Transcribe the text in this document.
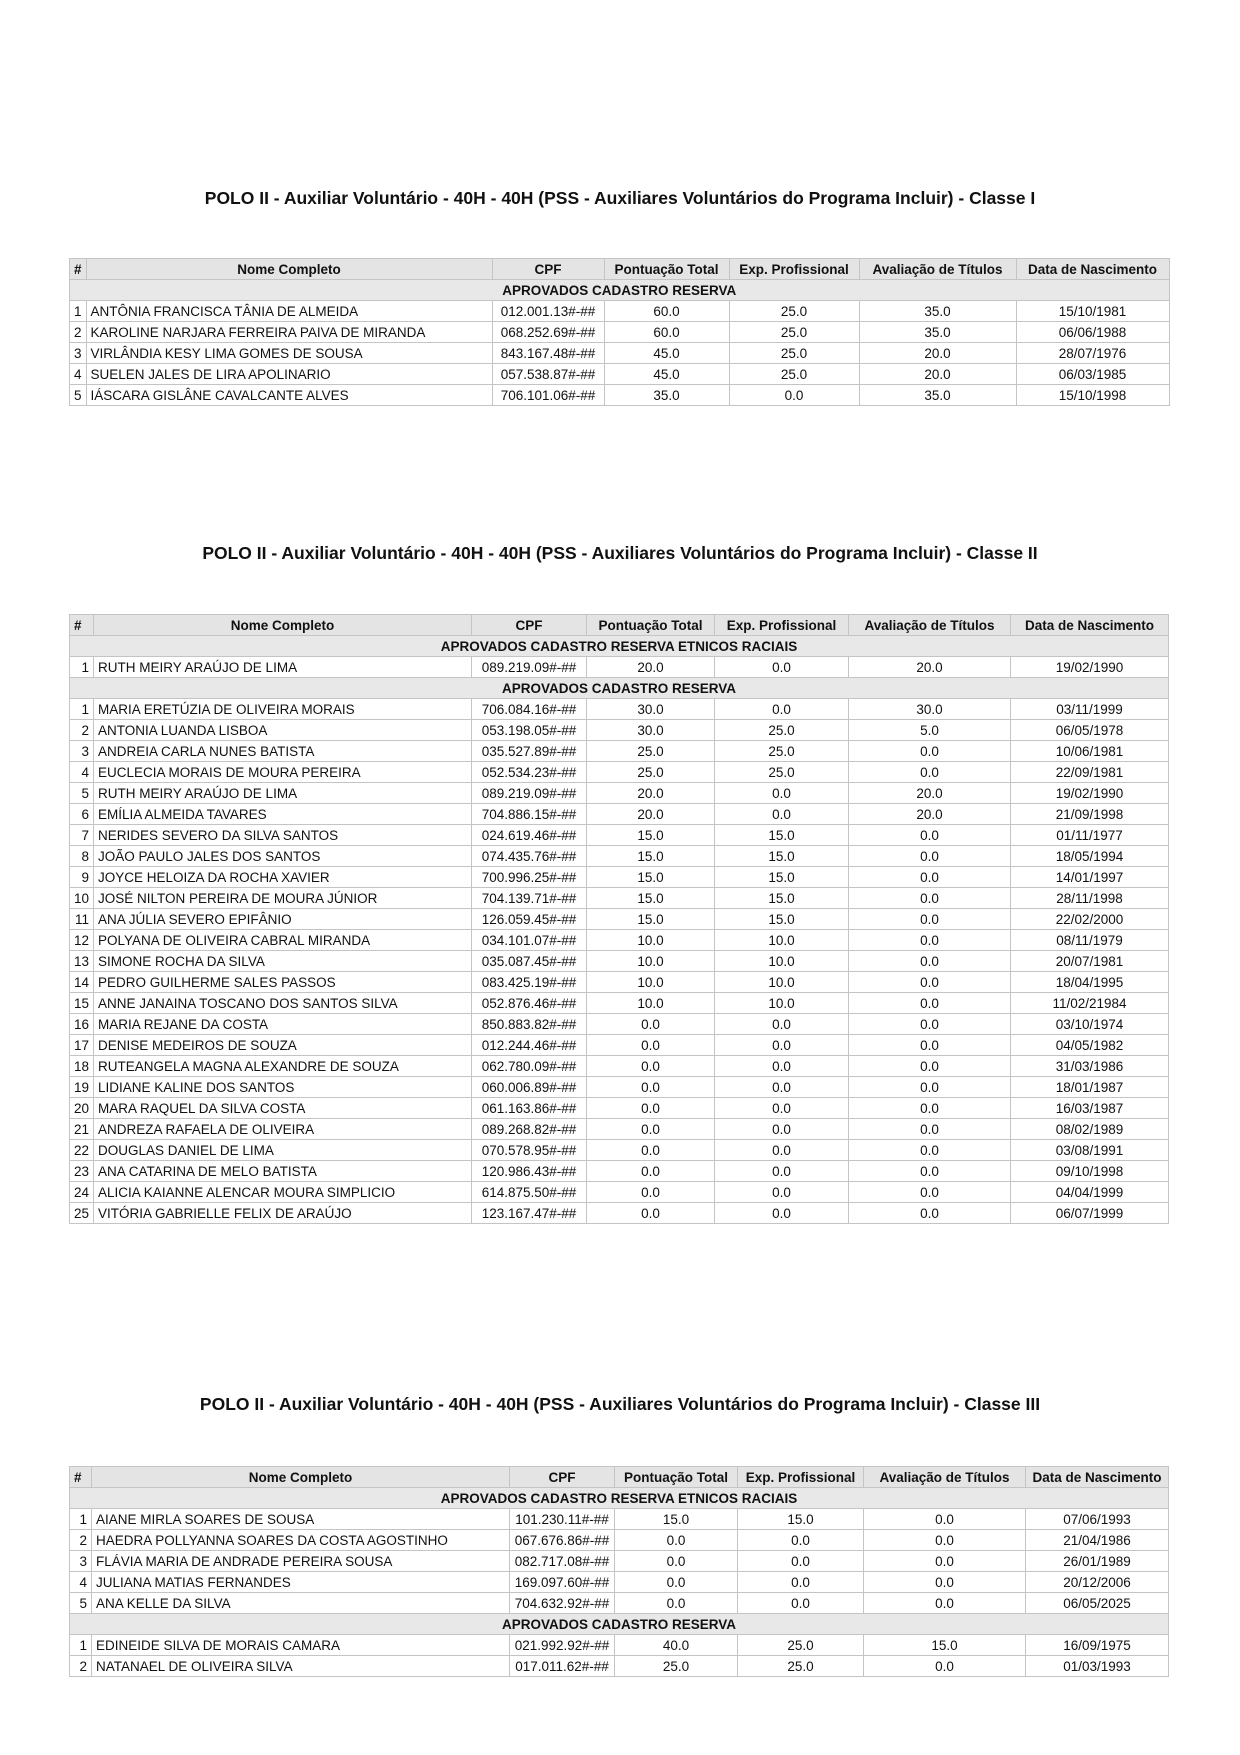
POLO II - Auxiliar Voluntário - 40H - 40H (PSS - Auxiliares Voluntários do Programa Incluir) - Classe I
#	Nome Completo	CPF	Pontuação Total	Exp. Profissional	Avaliação de Títulos	Data de Nascimento
APROVADOS CADASTRO RESERVA						
1	ANTÔNIA FRANCISCA TÂNIA DE ALMEIDA	012.001.13#-##	60.0	25.0	35.0	15/10/1981
2	KAROLINE NARJARA FERREIRA PAIVA DE MIRANDA	068.252.69#-##	60.0	25.0	35.0	06/06/1988
3	VIRLÂNDIA KESY LIMA GOMES DE SOUSA	843.167.48#-##	45.0	25.0	20.0	28/07/1976
4	SUELEN JALES DE LIRA APOLINARIO	057.538.87#-##	45.0	25.0	20.0	06/03/1985
5	IÁSCARA GISLÂNE CAVALCANTE ALVES	706.101.06#-##	35.0	0.0	35.0	15/10/1998
POLO II - Auxiliar Voluntário - 40H - 40H (PSS - Auxiliares Voluntários do Programa Incluir) - Classe II
#	Nome Completo	CPF	Pontuação Total	Exp. Profissional	Avaliação de Títulos	Data de Nascimento
APROVADOS CADASTRO RESERVA ETNICOS RACIAIS						
1	RUTH MEIRY ARAÚJO DE LIMA	089.219.09#-##	20.0	0.0	20.0	19/02/1990
APROVADOS CADASTRO RESERVA						
1	MARIA ERETÚZIA DE OLIVEIRA MORAIS	706.084.16#-##	30.0	0.0	30.0	03/11/1999
2	ANTONIA LUANDA LISBOA	053.198.05#-##	30.0	25.0	5.0	06/05/1978
3	ANDREIA CARLA NUNES BATISTA	035.527.89#-##	25.0	25.0	0.0	10/06/1981
4	EUCLECIA MORAIS DE MOURA PEREIRA	052.534.23#-##	25.0	25.0	0.0	22/09/1981
5	RUTH MEIRY ARAÚJO DE LIMA	089.219.09#-##	20.0	0.0	20.0	19/02/1990
6	EMÍLIA ALMEIDA TAVARES	704.886.15#-##	20.0	0.0	20.0	21/09/1998
7	NERIDES SEVERO DA SILVA SANTOS	024.619.46#-##	15.0	15.0	0.0	01/11/1977
8	JOÃO PAULO JALES DOS SANTOS	074.435.76#-##	15.0	15.0	0.0	18/05/1994
9	JOYCE HELOIZA DA ROCHA XAVIER	700.996.25#-##	15.0	15.0	0.0	14/01/1997
10	JOSÉ NILTON PEREIRA DE MOURA JÚNIOR	704.139.71#-##	15.0	15.0	0.0	28/11/1998
11	ANA JÚLIA SEVERO EPIFÂNIO	126.059.45#-##	15.0	15.0	0.0	22/02/2000
12	POLYANA DE OLIVEIRA CABRAL MIRANDA	034.101.07#-##	10.0	10.0	0.0	08/11/1979
13	SIMONE ROCHA DA SILVA	035.087.45#-##	10.0	10.0	0.0	20/07/1981
14	PEDRO GUILHERME SALES PASSOS	083.425.19#-##	10.0	10.0	0.0	18/04/1995
15	ANNE JANAINA TOSCANO DOS SANTOS SILVA	052.876.46#-##	10.0	10.0	0.0	11/02/21984
16	MARIA REJANE DA COSTA	850.883.82#-##	0.0	0.0	0.0	03/10/1974
17	DENISE MEDEIROS DE SOUZA	012.244.46#-##	0.0	0.0	0.0	04/05/1982
18	RUTEANGELA MAGNA ALEXANDRE DE SOUZA	062.780.09#-##	0.0	0.0	0.0	31/03/1986
19	LIDIANE KALINE DOS SANTOS	060.006.89#-##	0.0	0.0	0.0	18/01/1987
20	MARA RAQUEL DA SILVA COSTA	061.163.86#-##	0.0	0.0	0.0	16/03/1987
21	ANDREZA RAFAELA DE OLIVEIRA	089.268.82#-##	0.0	0.0	0.0	08/02/1989
22	DOUGLAS DANIEL DE LIMA	070.578.95#-##	0.0	0.0	0.0	03/08/1991
23	ANA CATARINA DE MELO BATISTA	120.986.43#-##	0.0	0.0	0.0	09/10/1998
24	ALICIA KAIANNE ALENCAR MOURA SIMPLICIO	614.875.50#-##	0.0	0.0	0.0	04/04/1999
25	VITÓRIA GABRIELLE FELIX DE ARAÚJO	123.167.47#-##	0.0	0.0	0.0	06/07/1999
POLO II - Auxiliar Voluntário - 40H - 40H (PSS - Auxiliares Voluntários do Programa Incluir) - Classe III
#	Nome Completo	CPF	Pontuação Total	Exp. Profissional	Avaliação de Títulos	Data de Nascimento
APROVADOS CADASTRO RESERVA ETNICOS RACIAIS						
1	AIANE MIRLA SOARES DE SOUSA	101.230.11#-##	15.0	15.0	0.0	07/06/1993
2	HAEDRA POLLYANNA SOARES DA COSTA AGOSTINHO	067.676.86#-##	0.0	0.0	0.0	21/04/1986
3	FLÁVIA MARIA DE ANDRADE PEREIRA SOUSA	082.717.08#-##	0.0	0.0	0.0	26/01/1989
4	JULIANA MATIAS FERNANDES	169.097.60#-##	0.0	0.0	0.0	20/12/2006
5	ANA KELLE DA SILVA	704.632.92#-##	0.0	0.0	0.0	06/05/2025
APROVADOS CADASTRO RESERVA						
1	EDINEIDE SILVA DE MORAIS CAMARA	021.992.92#-##	40.0	25.0	15.0	16/09/1975
2	NATANAEL DE OLIVEIRA SILVA	017.011.62#-##	25.0	25.0	0.0	01/03/1993
